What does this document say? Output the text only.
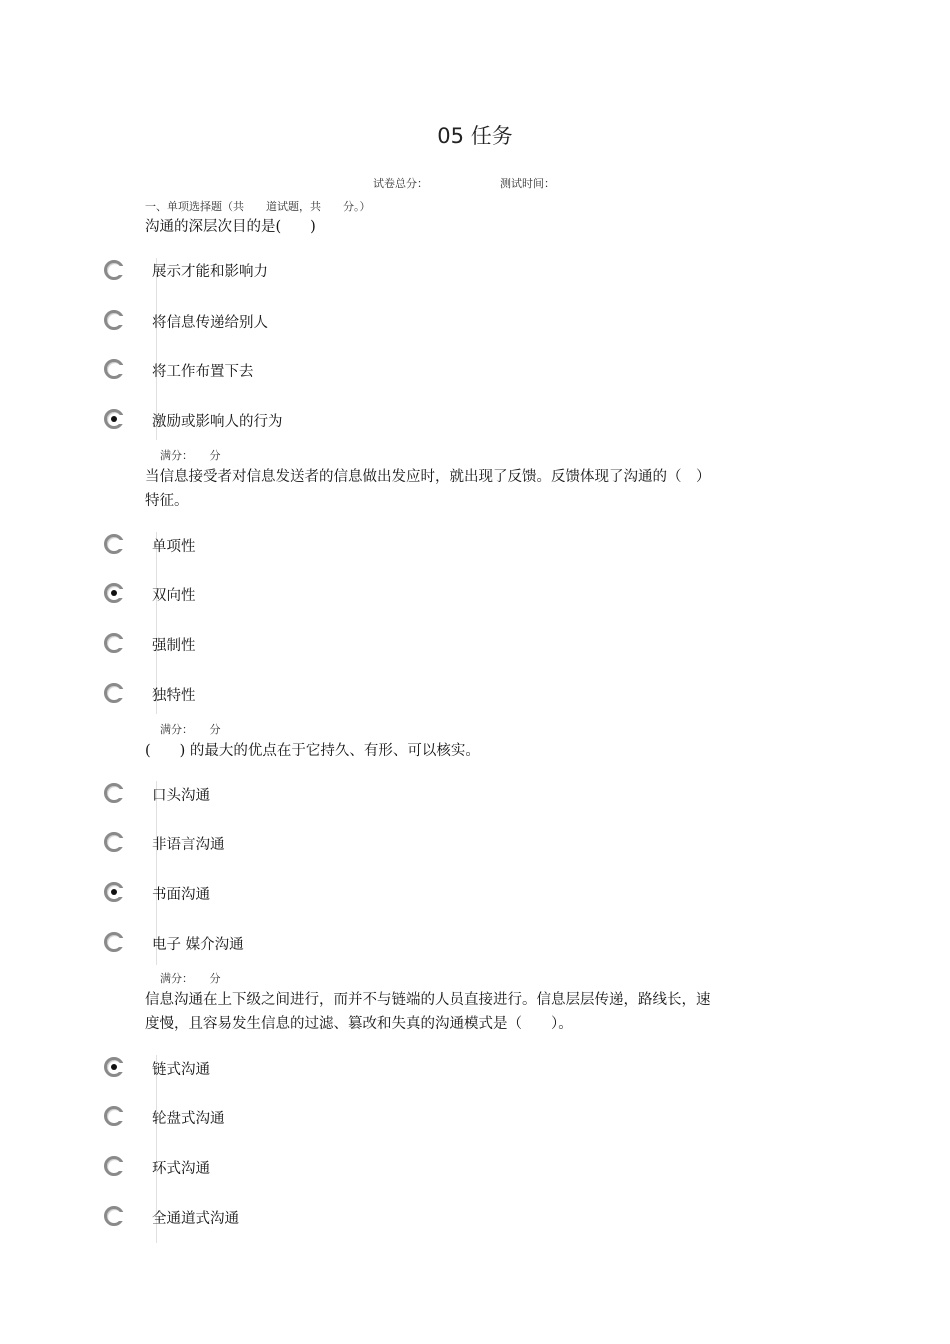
05 任务
试卷总分：	测试时间：
一、单项选择题（共　　道试题，共　　分。）
沟通的深层次目的是(　　)
展示才能和影响力
将信息传递给别人
将工作布置下去
激励或影响人的行为
满分：　　分
当信息接受者对信息发送者的信息做出发应时，就出现了反馈。反馈体现了沟通的（　）
特征。
单项性
双向性
强制性
独特性
满分：　　分
(　　) 的最大的优点在于它持久、有形、可以核实。
口头沟通
非语言沟通
书面沟通
电子 媒介沟通
满分：　　分
信息沟通在上下级之间进行，而并不与链端的人员直接进行。信息层层传递，路线长，速
度慢，且容易发生信息的过滤、篡改和失真的沟通模式是（　　）。
链式沟通
轮盘式沟通
环式沟通
全通道式沟通
